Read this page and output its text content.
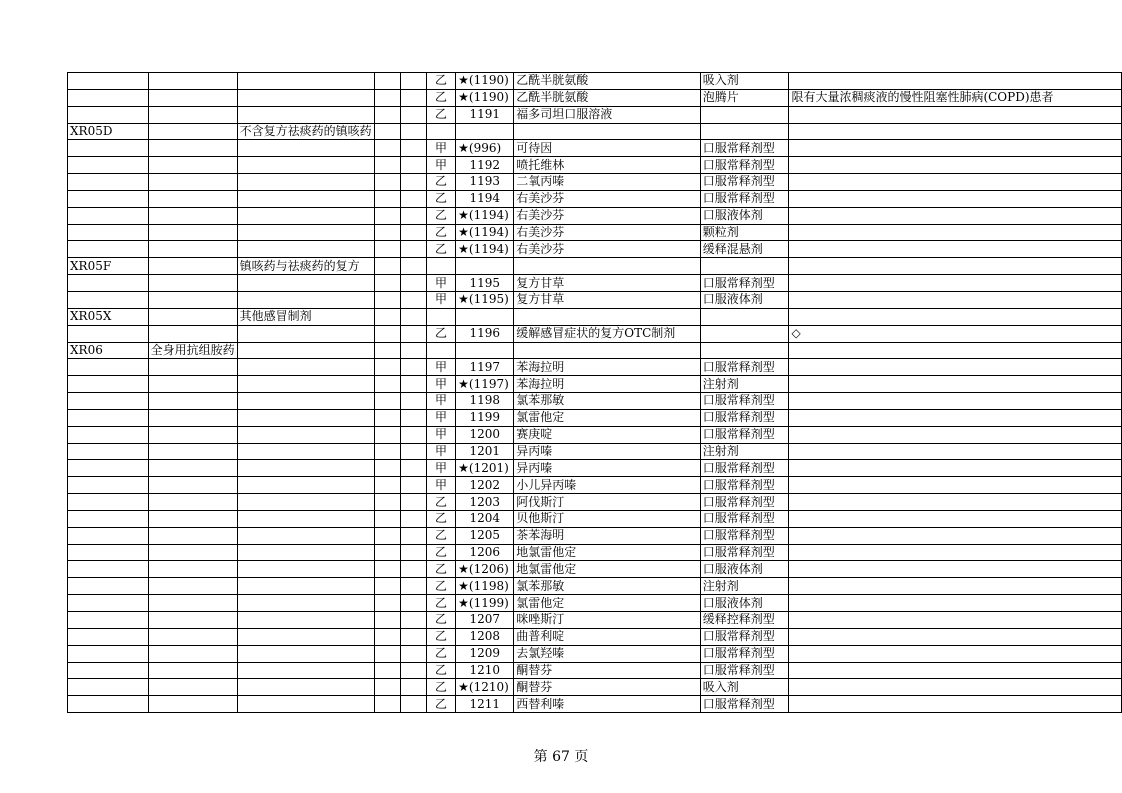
					乙	★(1190)	乙酰半胱氨酸	吸入剂	
					乙	★(1190)	乙酰半胱氨酸	泡腾片	限有大量浓稠痰液的慢性阻塞性肺病(COPD)患者
					乙	1191	福多司坦口服溶液		
XR05D		不含复方祛痰药的镇咳药							
					甲	★(996)	可待因	口服常释剂型	
					甲	1192	喷托维林	口服常释剂型	
					乙	1193	二氧丙嗪	口服常释剂型	
					乙	1194	右美沙芬	口服常释剂型	
					乙	★(1194)	右美沙芬	口服液体剂	
					乙	★(1194)	右美沙芬	颗粒剂	
					乙	★(1194)	右美沙芬	缓释混悬剂	
XR05F		镇咳药与祛痰药的复方							
					甲	1195	复方甘草	口服常释剂型	
					甲	★(1195)	复方甘草	口服液体剂	
XR05X		其他感冒制剂							
					乙	1196	缓解感冒症状的复方OTC制剂		◇
XR06	全身用抗组胺药								
					甲	1197	苯海拉明	口服常释剂型	
					甲	★(1197)	苯海拉明	注射剂	
					甲	1198	氯苯那敏	口服常释剂型	
					甲	1199	氯雷他定	口服常释剂型	
					甲	1200	赛庚啶	口服常释剂型	
					甲	1201	异丙嗪	注射剂	
					甲	★(1201)	异丙嗪	口服常释剂型	
					甲	1202	小儿异丙嗪	口服常释剂型	
					乙	1203	阿伐斯汀	口服常释剂型	
					乙	1204	贝他斯汀	口服常释剂型	
					乙	1205	茶苯海明	口服常释剂型	
					乙	1206	地氯雷他定	口服常释剂型	
					乙	★(1206)	地氯雷他定	口服液体剂	
					乙	★(1198)	氯苯那敏	注射剂	
					乙	★(1199)	氯雷他定	口服液体剂	
					乙	1207	咪唑斯汀	缓释控释剂型	
					乙	1208	曲普利啶	口服常释剂型	
					乙	1209	去氯羟嗪	口服常释剂型	
					乙	1210	酮替芬	口服常释剂型	
					乙	★(1210)	酮替芬	吸入剂	
					乙	1211	西替利嗪	口服常释剂型	
第 67 页
